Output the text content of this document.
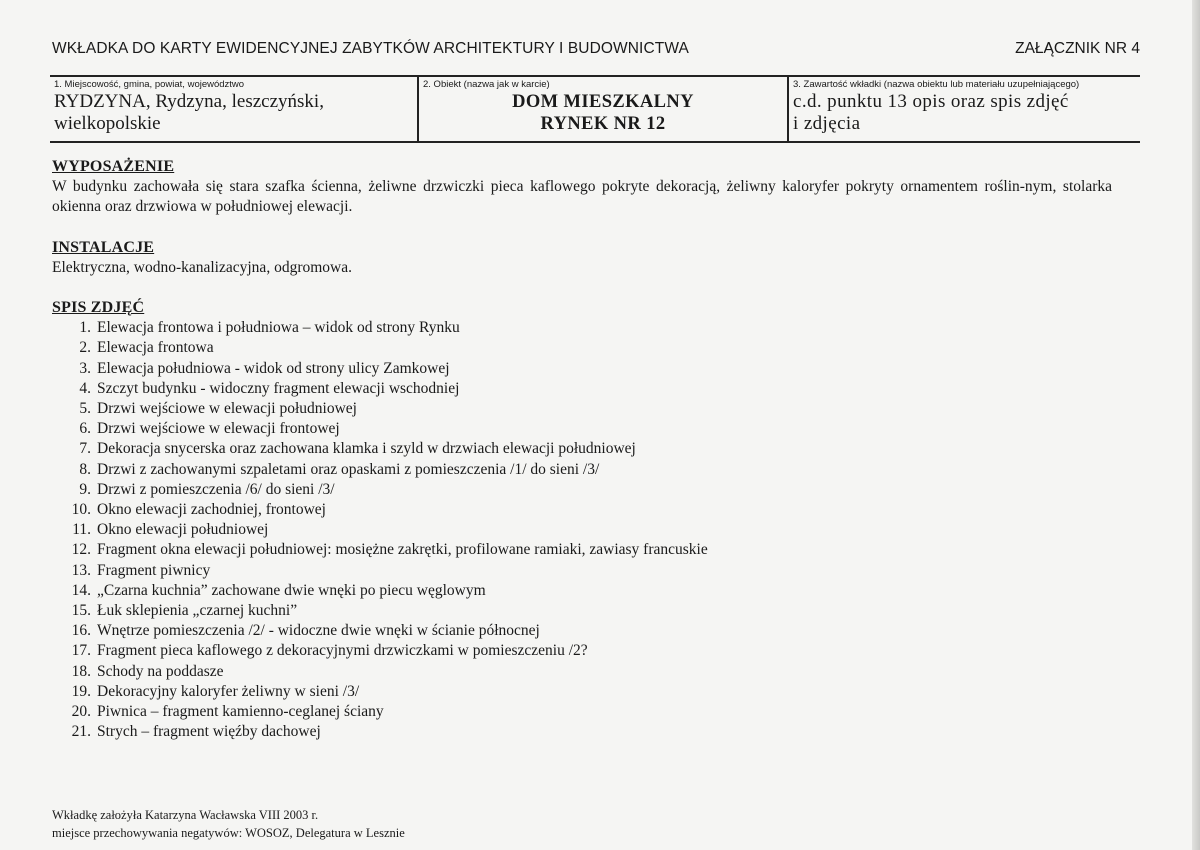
WKŁADKA DO KARTY EWIDENCYJNEJ ZABYTKÓW ARCHITEKTURY I BUDOWNICTWA	ZAŁĄCZNIK NR 4
1. Miejscowość, gmina, powiat, województwo
RYDZYNA, Rydzyna, leszczyński,
wielkopolskie
2. Obiekt (nazwa jak w karcie)
DOM MIESZKALNY
RYNEK NR 12
3. Zawartość wkładki (nazwa obiektu lub materiału uzupełniającego)
c.d. punktu 13 opis oraz spis zdjęć
i zdjęcia
WYPOSAŻENIE

W budynku zachowała się stara szafka ścienna, żeliwne drzwiczki pieca kaflowego pokryte dekoracją, żeliwny kaloryfer pokryty ornamentem roślin-nym, stolarka okienna oraz drzwiowa w południowej elewacji.

INSTALACJE

Elektryczna, wodno-kanalizacyjna, odgromowa.

SPIS ZDJĘĆ
1. Elewacja frontowa i południowa – widok od strony Rynku
2. Elewacja frontowa
3. Elewacja południowa - widok od strony ulicy Zamkowej
4. Szczyt budynku - widoczny fragment elewacji wschodniej
5. Drzwi wejściowe w elewacji południowej
6. Drzwi wejściowe w elewacji frontowej
7. Dekoracja snycerska oraz zachowana klamka i szyld w drzwiach elewacji południowej
8. Drzwi z zachowanymi szpaletami oraz opaskami z pomieszczenia /1/ do sieni /3/
9. Drzwi z pomieszczenia /6/ do sieni /3/
10. Okno elewacji zachodniej, frontowej
11. Okno elewacji południowej
12. Fragment okna elewacji południowej: mosiężne zakrętki, profilowane ramiaki, zawiasy francuskie
13. Fragment piwnicy
14. „Czarna kuchnia” zachowane dwie wnęki po piecu węglowym
15. Łuk sklepienia „czarnej kuchni”
16. Wnętrze pomieszczenia /2/ - widoczne dwie wnęki w ścianie północnej
17. Fragment pieca kaflowego z dekoracyjnymi drzwiczkami w pomieszczeniu /2?
18. Schody na poddasze
19. Dekoracyjny kaloryfer żeliwny w sieni /3/
20. Piwnica – fragment kamienno-ceglanej ściany
21. Strych – fragment więźby dachowej
Wkładkę założyła Katarzyna Wacławska VIII 2003 r.
miejsce przechowywania negatywów: WOSOZ, Delegatura w Lesznie
